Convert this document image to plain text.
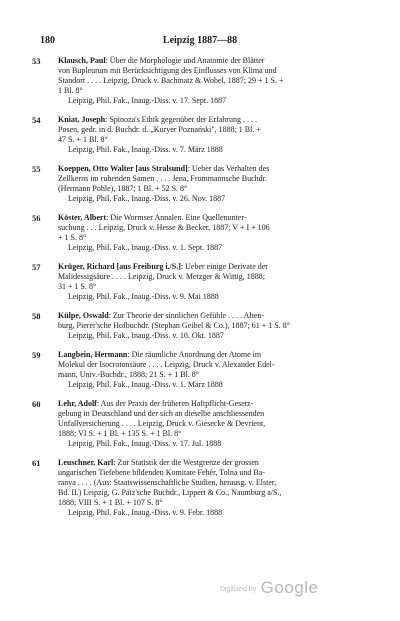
180	Leipzig 1887—88
53	Klausch, Paul: Über die Morphologie und Anatomie der Blätter
von Bupleurum mit Berücksichtigung des Einflusses von Klima und
Standort . . . . Leipzig, Druck v. Bachmatz & Wobel, 1887; 29 + 1 S. +
1 Bl. 8°
Leipzig, Phil. Fak., Inaug.-Diss. v. 17. Sept. 1887
54	Kniat, Joseph: Spinoza's Ethik gegenüber der Erfahrung . . . .
Posen, gedr. in d. Buchdr. d. „Kuryer Poznański", 1888; 1 Bl. +
47 S. + 1 Bl. 8°
Leipzig, Phil. Fak., Inaug.-Diss. v. 7. März 1888
55	Koeppen, Otto Walter [aus Stralsund]: Ueber das Verhalten des
Zellkerns im ruhenden Samen . . . . Jena, Frommannsche Buchdr.
(Hermann Pohle), 1887; 1 Bl. + 52 S. 8°
Leipzig, Phil. Fak., Inaug.-Diss. v. 26. Nov. 1887
56	Köster, Albert: Die Wormser Annalen. Eine Quellenunter-
suchung . . . Leipzig, Druck v. Hesse & Becker, 1887; V + I + 106
+ 1 S. 8°
Leipzig, Phil. Fak., Inaug.-Diss. v. 1. Sept. 1887
57	Krüger, Richard [aus Freiburg i./S.]: Ueber einige Derivate der
Malidessigsäure . . . . Leipzig, Druck v. Metzger & Wittig, 1888;
31 + 1 S. 8°
Leipzig, Phil. Fak., Inaug.-Diss. v. 9. Mai 1888
58	Külpe, Oswald: Zur Theorie der sinnlichen Gefühle . . . . Alten-
burg, Pierer'sche Hofbuchdr. (Stephan Geibel & Co.), 1887; 61 + 1 S. 8°
Leipzig, Phil. Fak., Inaug.-Diss. v. 10. Okt. 1887
59	Langbein, Hermann: Die räumliche Anordnung der Atome im
Molekul der Isocrotonsäure . . . . Leipzig, Druck v. Alexander Edel-
mann, Univ.-Buchdr., 1888; 21 S. + 1 Bl. 8°
Leipzig, Phil. Fak., Inaug.-Diss. v. 1. März 1888
60	Lehr, Adolf: Aus der Praxis der früheren Haftpflicht-Gesetz-
gebung in Deutschland und der sich an dieselbe anschliessenden
Unfallversicherung . . . . Leipzig, Druck v. Giesecke & Devrient,
1888; VI S. + 1 Bl. + 135 S. + 1 Bl. 8°
Leipzig, Phil. Fak., Inaug.-Diss. v. 17. Jul. 1888
61	Leuschner, Karl: Zur Statistik der die Westgrenze der grossen
ungarischen Tiefebene bildenden Komitate Fehér, Tolna und Ba-
ranya . . . . (Aus: Staatswissenschaftliche Studien, herausg. v. Elster,
Bd. II.) Leipzig, G. Pätz'sche Buchdr., Lippert & Co., Naumburg a/S.,
1888; VIII S. + 1 Bl. + 107 S. 8°
Leipzig, Phil. Fak., Inaug.-Diss. v. 9. Febr. 1888
Digitized by Google
